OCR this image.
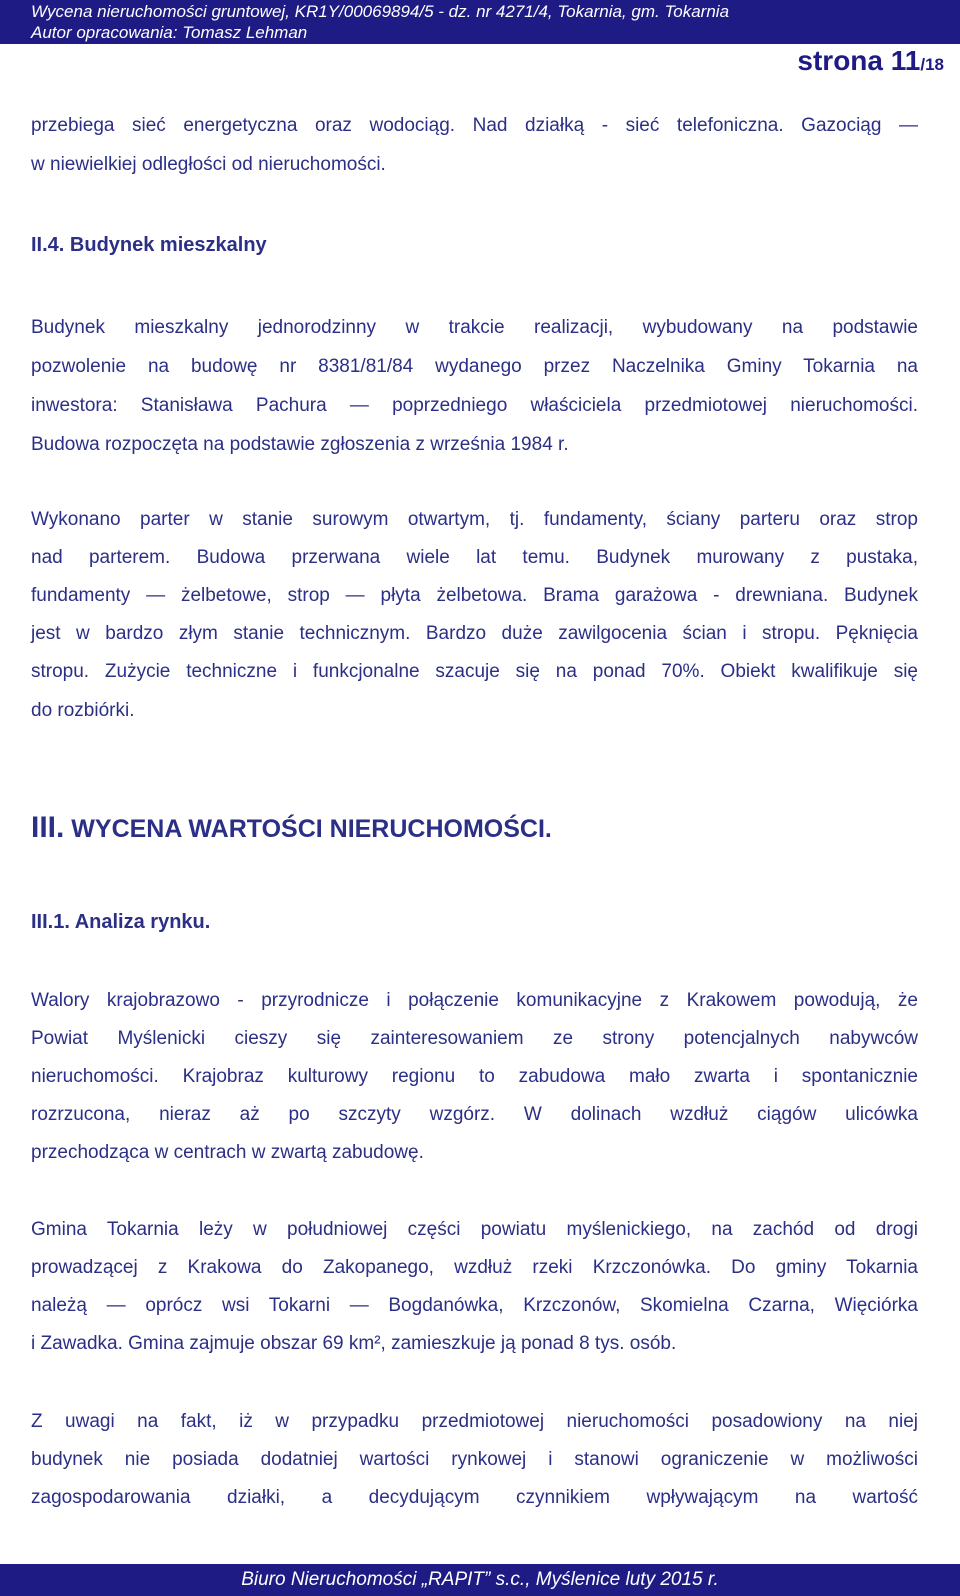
Wycena nieruchomości gruntowej, KR1Y/00069894/5 - dz. nr 4271/4, Tokarnia, gm. Tokarnia
Autor opracowania: Tomasz Lehman
strona 11/18
przebiega sieć energetyczna oraz wodociąg. Nad działką - sieć telefoniczna. Gazociąg —
w niewielkiej odległości od nieruchomości.
II.4. Budynek mieszkalny
Budynek mieszkalny jednorodzinny w trakcie realizacji, wybudowany na podstawie
pozwolenie na budowę nr 8381/81/84 wydanego przez Naczelnika Gminy Tokarnia na
inwestora: Stanisława Pachura — poprzedniego właściciela przedmiotowej nieruchomości.
Budowa rozpoczęta na podstawie zgłoszenia z września 1984 r.
Wykonano parter w stanie surowym otwartym, tj. fundamenty, ściany parteru oraz strop
nad parterem. Budowa przerwana wiele lat temu. Budynek murowany z pustaka,
fundamenty — żelbetowe, strop — płyta żelbetowa. Brama garażowa - drewniana. Budynek
jest w bardzo złym stanie technicznym. Bardzo duże zawilgocenia ścian i stropu. Pęknięcia
stropu. Zużycie techniczne i funkcjonalne szacuje się na ponad 70%. Obiekt kwalifikuje się
do rozbiórki.
III. WYCENA WARTOŚCI NIERUCHOMOŚCI.
III.1. Analiza rynku.
Walory krajobrazowo - przyrodnicze i połączenie komunikacyjne z Krakowem powodują, że
Powiat Myślenicki cieszy się zainteresowaniem ze strony potencjalnych nabywców
nieruchomości. Krajobraz kulturowy regionu to zabudowa mało zwarta i spontanicznie
rozrzucona, nieraz aż po szczyty wzgórz. W dolinach wzdłuż ciągów ulicówka
przechodząca w centrach w zwartą zabudowę.
Gmina Tokarnia leży w południowej części powiatu myślenickiego, na zachód od drogi
prowadzącej z Krakowa do Zakopanego, wzdłuż rzeki Krzczonówka. Do gminy Tokarnia
należą — oprócz wsi Tokarni — Bogdanówka, Krzczonów, Skomielna Czarna, Więciórka
i Zawadka. Gmina zajmuje obszar 69 km², zamieszkuje ją ponad 8 tys. osób.
Z uwagi na fakt, iż w przypadku przedmiotowej nieruchomości posadowiony na niej
budynek nie posiada dodatniej wartości rynkowej i stanowi ograniczenie w możliwości
zagospodarowania działki, a decydującym czynnikiem wpływającym na wartość
Biuro Nieruchomości „RAPIT” s.c., Myślenice luty 2015 r.
